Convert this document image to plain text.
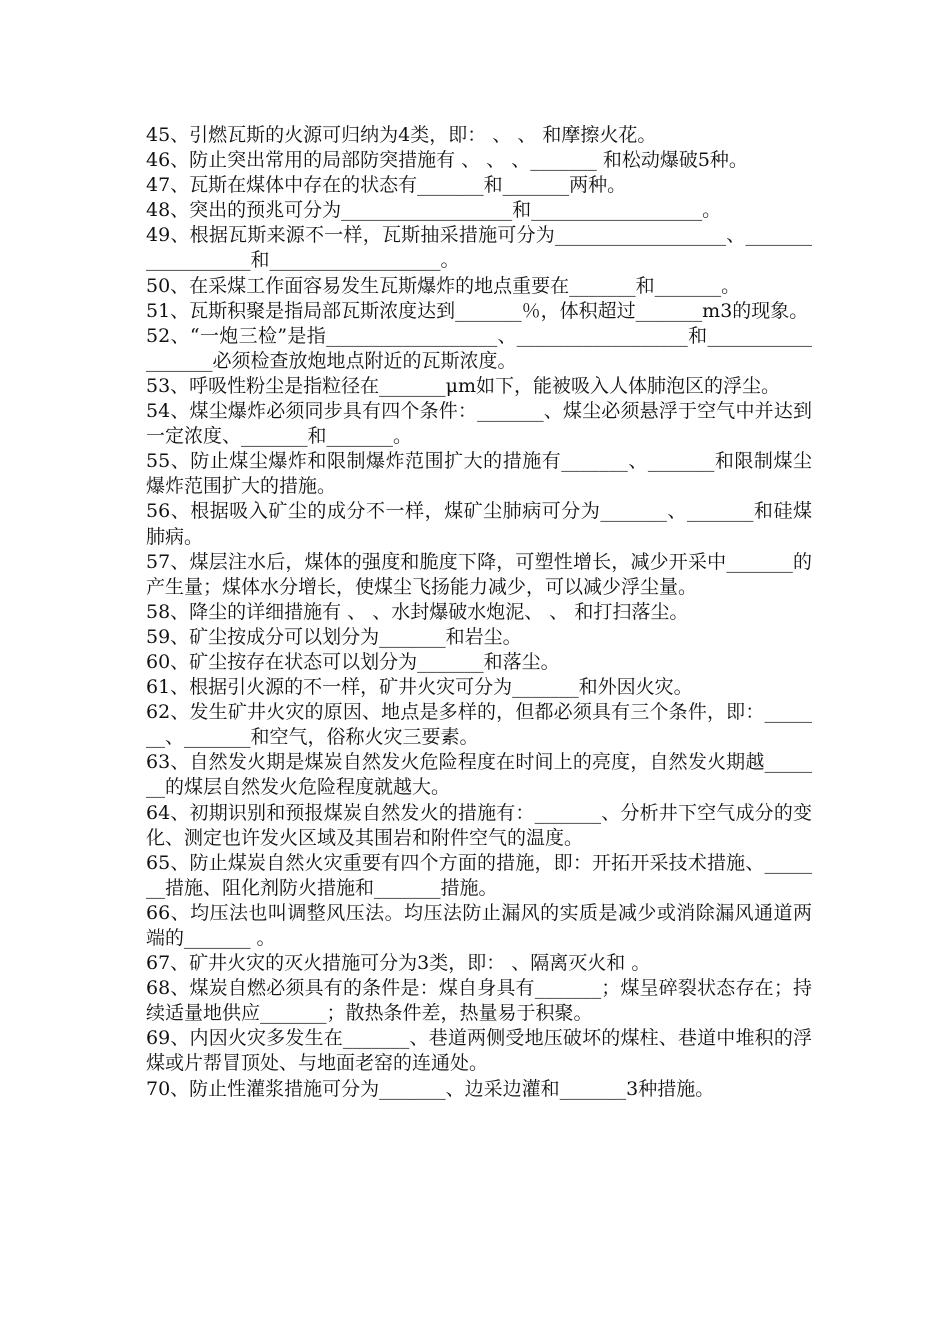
45、引燃瓦斯的火源可归纳为4类，即： 、 、 和摩擦火花。

46、防止突出常用的局部防突措施有 、 、 、_______ 和松动爆破5种。

47、瓦斯在煤体中存在的状态有_______和_______两种。

48、突出的预兆可分为__________________和__________________。

49、根据瓦斯来源不一样，瓦斯抽采措施可分为__________________、__________________和__________________。

50、在采煤工作面容易发生瓦斯爆炸的地点重要在_______和_______。

51、瓦斯积聚是指局部瓦斯浓度达到_______％，体积超过_______m3的现象。

52、“一炮三检”是指__________________、__________________和__________________必须检查放炮地点附近的瓦斯浓度。

53、呼吸性粉尘是指粒径在_______μm如下，能被吸入人体肺泡区的浮尘。

54、煤尘爆炸必须同步具有四个条件：_______、煤尘必须悬浮于空气中并达到一定浓度、_______和_______。

55、防止煤尘爆炸和限制爆炸范围扩大的措施有_______、_______和限制煤尘爆炸范围扩大的措施。

56、根据吸入矿尘的成分不一样，煤矿尘肺病可分为_______、_______和硅煤肺病。

57、煤层注水后，煤体的强度和脆度下降，可塑性增长，减少开采中_______的产生量；煤体水分增长，使煤尘飞扬能力减少，可以减少浮尘量。

58、降尘的详细措施有 、 、水封爆破水炮泥、 、 和打扫落尘。

59、矿尘按成分可以划分为_______和岩尘。

60、矿尘按存在状态可以划分为_______和落尘。

61、根据引火源的不一样，矿井火灾可分为_______和外因火灾。

62、发生矿井火灾的原因、地点是多样的，但都必须具有三个条件，即：_______、_______和空气，俗称火灾三要素。

63、自然发火期是煤炭自然发火危险程度在时间上的亮度，自然发火期越_______的煤层自然发火危险程度就越大。

64、初期识别和预报煤炭自然发火的措施有：_______、分析井下空气成分的变化、测定也许发火区域及其围岩和附件空气的温度。

65、防止煤炭自然火灾重要有四个方面的措施，即：开拓开采技术措施、_______措施、阻化剂防火措施和_______措施。

66、均压法也叫调整风压法。均压法防止漏风的实质是减少或消除漏风通道两端的_______ 。

67、矿井火灾的灭火措施可分为3类，即： 、隔离灭火和 。

68、煤炭自燃必须具有的条件是：煤自身具有_______；煤呈碎裂状态存在；持续适量地供应_______；散热条件差，热量易于积聚。

69、内因火灾多发生在_______、巷道两侧受地压破坏的煤柱、巷道中堆积的浮煤或片帮冒顶处、与地面老窑的连通处。

70、防止性灌浆措施可分为_______、边采边灌和_______3种措施。
